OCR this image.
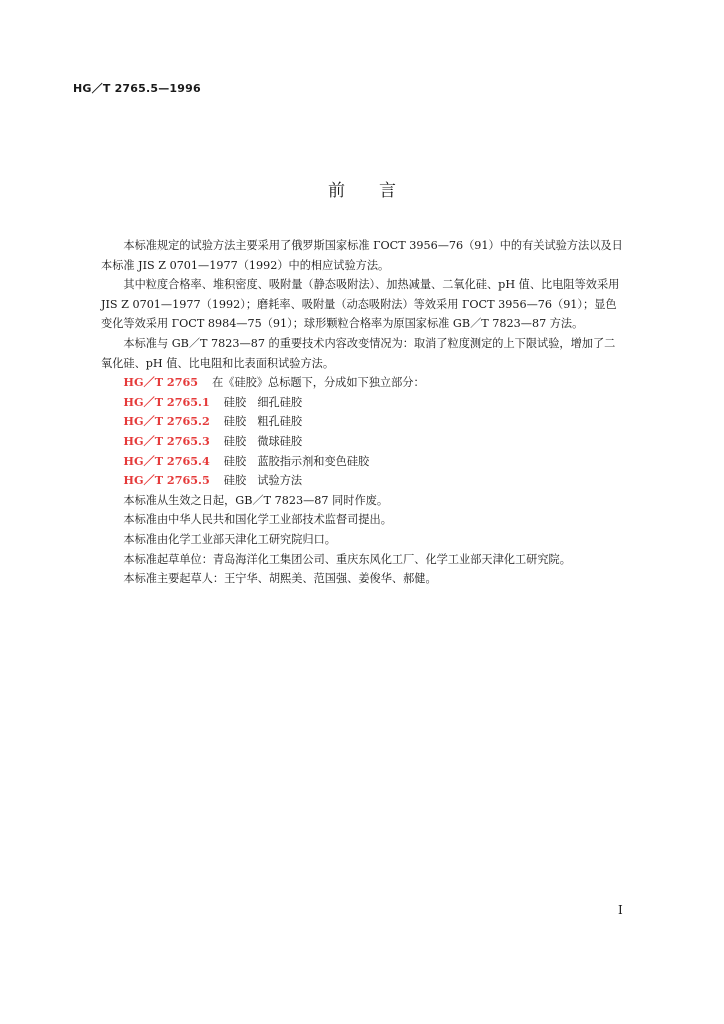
HG／T 2765.5—1996
前言

本标准规定的试验方法主要采用了俄罗斯国家标准 ГОСТ 3956—76（91）中的有关试验方法以及日本标准 JIS Z 0701—1977（1992）中的相应试验方法。

其中粒度合格率、堆积密度、吸附量（静态吸附法）、加热减量、二氧化硅、pH 值、比电阻等效采用 JIS Z 0701—1977（1992）；磨耗率、吸附量（动态吸附法）等效采用 ГОСТ 3956—76（91）；显色变化等效采用 ГОСТ 8984—75（91）；球形颗粒合格率为原国家标准 GB／T 7823—87 方法。

本标准与 GB／T 7823—87 的重要技术内容改变情况为：取消了粒度测定的上下限试验，增加了二氧化硅、pH 值、比电阻和比表面积试验方法。

HG／T 2765 在《硅胶》总标题下，分成如下独立部分：
HG／T 2765.1 硅胶　细孔硅胶
HG／T 2765.2 硅胶　粗孔硅胶
HG／T 2765.3 硅胶　微球硅胶
HG／T 2765.4 硅胶　蓝胶指示剂和变色硅胶
HG／T 2765.5 硅胶　试验方法

本标准从生效之日起，GB／T 7823—87 同时作废。

本标准由中华人民共和国化学工业部技术监督司提出。

本标准由化学工业部天津化工研究院归口。

本标准起草单位：青岛海洋化工集团公司、重庆东风化工厂、化学工业部天津化工研究院。

本标准主要起草人：王宁华、胡熙美、范国强、姜俊华、郝健。

I
